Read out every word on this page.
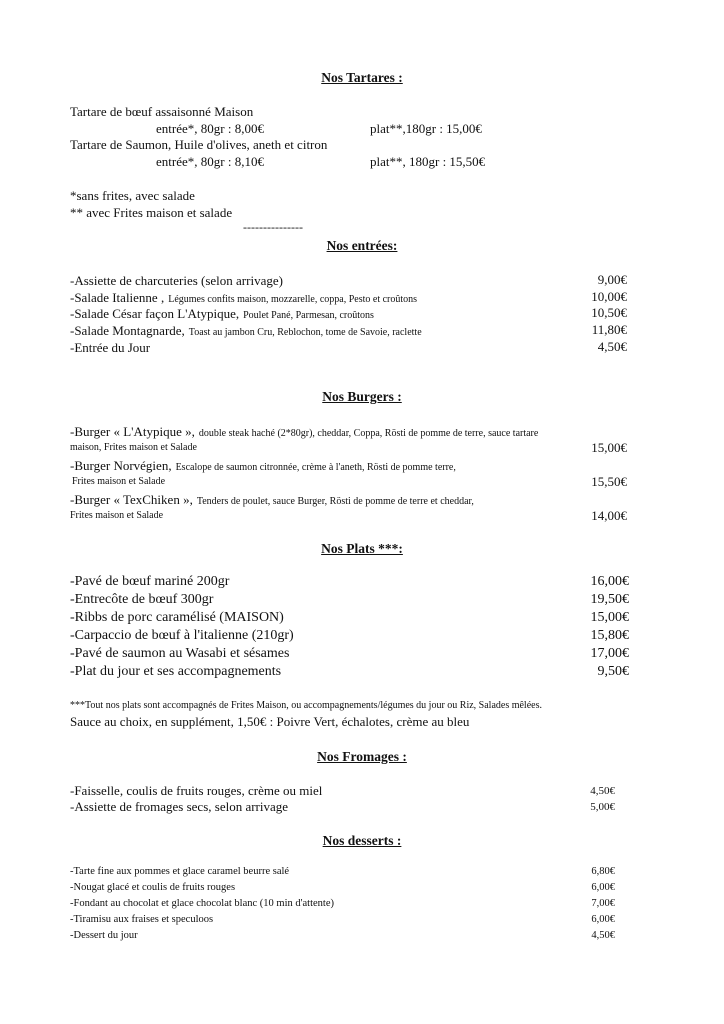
Nos Tartares :
Tartare de bœuf assaisonné Maison
entrée*, 80gr : 8,00€	plat**,180gr : 15,00€
Tartare de Saumon, Huile d'olives, aneth et citron
entrée*, 80gr : 8,10€	plat**, 180gr : 15,50€
*sans frites, avec salade
** avec Frites maison et salade
---------------
Nos entrées:
-Assiette de charcuteries (selon arrivage)	9,00€
-Salade Italienne , Légumes confits maison, mozzarelle, coppa, Pesto et croûtons	10,00€
-Salade César façon L'Atypique, Poulet Pané, Parmesan, croûtons	10,50€
-Salade Montagnarde, Toast au jambon Cru, Reblochon, tome de Savoie, raclette	11,80€
-Entrée du Jour	4,50€
Nos Burgers :
-Burger « L'Atypique », double steak haché (2*80gr), cheddar, Coppa, Rösti de pomme de terre, sauce tartare
maison, Frites maison et Salade	15,00€
-Burger Norvégien, Escalope de saumon citronnée, crème à l'aneth, Rösti de pomme terre,
Frites maison et Salade	15,50€
-Burger « TexChiken », Tenders de poulet, sauce Burger, Rösti de pomme de terre et cheddar,
Frites maison et Salade	14,00€
Nos Plats ***:
-Pavé de bœuf mariné 200gr	16,00€
-Entrecôte de bœuf 300gr	19,50€
-Ribbs de porc caramélisé (MAISON)	15,00€
-Carpaccio de bœuf à l'italienne (210gr)	15,80€
-Pavé de saumon au Wasabi et sésames	17,00€
-Plat du jour et ses accompagnements	9,50€
***Tout nos plats sont accompagnés de Frites Maison, ou accompagnements/légumes du jour ou Riz, Salades mêlées.
Sauce au choix, en supplément, 1,50€ : Poivre Vert, échalotes, crème au bleu
Nos Fromages :
-Faisselle, coulis de fruits rouges, crème ou miel	4,50€
-Assiette de fromages secs, selon arrivage	5,00€
Nos desserts :
-Tarte fine aux pommes et glace caramel beurre salé	6,80€
-Nougat glacé et coulis de fruits rouges	6,00€
-Fondant au chocolat et glace chocolat blanc (10 min d'attente)	7,00€
-Tiramisu aux fraises et speculoos	6,00€
-Dessert du jour	4,50€
